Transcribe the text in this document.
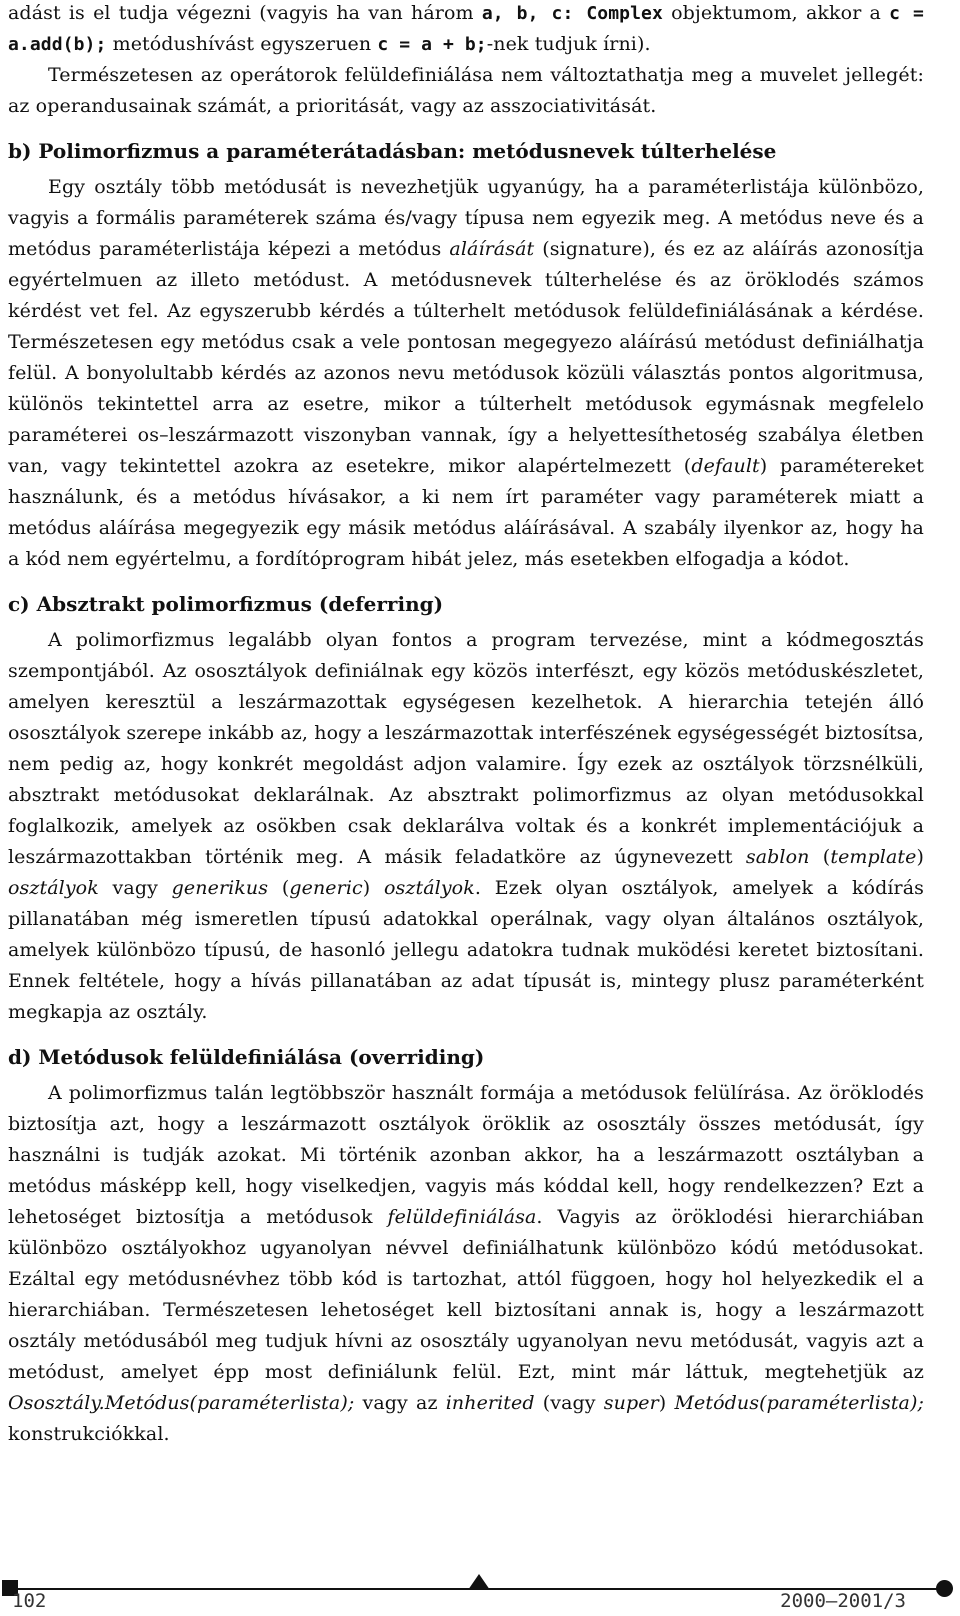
adást is el tudja végezni (vagyis ha van három a, b, c: Complex objektumom, akkor a c = a.add(b); metódushívást egyszeruen c = a + b;-nek tudjuk írni).

Természetesen az operátorok felüldefiniálása nem változtathatja meg a muvelet jellegét: az operandusainak számát, a prioritását, vagy az asszociativitását.

b) Polimorfizmus a paraméterátadásban: metódusnevek túlterhelése

Egy osztály több metódusát is nevezhetjük ugyanúgy, ha a paraméterlistája különbözo, vagyis a formális paraméterek száma és/vagy típusa nem egyezik meg. A metódus neve és a metódus paraméterlistája képezi a metódus aláírását (signature), és ez az aláírás azonosítja egyértelmuen az illeto metódust. A metódusnevek túlterhelése és az öröklodés számos kérdést vet fel. Az egyszerubb kérdés a túlterhelt metódusok felüldefiniálásának a kérdése. Természetesen egy metódus csak a vele pontosan megegyezo aláírású metódust definiálhatja felül. A bonyolultabb kérdés az azonos nevu metódusok közüli választás pontos algoritmusa, különös tekintettel arra az esetre, mikor a túlterhelt metódusok egymásnak megfelelo paraméterei os–leszármazott viszonyban vannak, így a helyettesíthetoség szabálya életben van, vagy tekintettel azokra az esetekre, mikor alapértelmezett (default) paramétereket használunk, és a metódus hívásakor, a ki nem írt paraméter vagy paraméterek miatt a metódus aláírása megegyezik egy másik metódus aláírásával. A szabály ilyenkor az, hogy ha a kód nem egyértelmu, a fordítóprogram hibát jelez, más esetekben elfogadja a kódot.

c) Absztrakt polimorfizmus (deferring)

A polimorfizmus legalább olyan fontos a program tervezése, mint a kódmegosztás szempontjából. Az ososztályok definiálnak egy közös interfészt, egy közös metóduskészletet, amelyen keresztül a leszármazottak egységesen kezelhetok. A hierarchia tetején álló ososztályok szerepe inkább az, hogy a leszármazottak interfészének egységességét biztosítsa, nem pedig az, hogy konkrét megoldást adjon valamire. Így ezek az osztályok törzsnélküli, absztrakt metódusokat deklarálnak. Az absztrakt polimorfizmus az olyan metódusokkal foglalkozik, amelyek az osökben csak deklarálva voltak és a konkrét implementációjuk a leszármazottakban történik meg. A másik feladatköre az úgynevezett sablon (template) osztályok vagy generikus (generic) osztályok. Ezek olyan osztályok, amelyek a kódírás pillanatában még ismeretlen típusú adatokkal operálnak, vagy olyan általános osztályok, amelyek különbözo típusú, de hasonló jellegu adatokra tudnak muködési keretet biztosítani. Ennek feltétele, hogy a hívás pillanatában az adat típusát is, mintegy plusz paraméterként megkapja az osztály.

d) Metódusok felüldefiniálása (overriding)

A polimorfizmus talán legtöbbször használt formája a metódusok felülírása. Az öröklodés biztosítja azt, hogy a leszármazott osztályok öröklik az ososztály összes metódusát, így használni is tudják azokat. Mi történik azonban akkor, ha a leszármazott osztályban a metódus másképp kell, hogy viselkedjen, vagyis más kóddal kell, hogy rendelkezzen? Ezt a lehetoséget biztosítja a metódusok felüldefiniálása. Vagyis az öröklodési hierarchiában különbözo osztályokhoz ugyanolyan névvel definiálhatunk különbözo kódú metódusokat. Ezáltal egy metódusnévhez több kód is tartozhat, attól függoen, hogy hol helyezkedik el a hierarchiában. Természetesen lehetoséget kell biztosítani annak is, hogy a leszármazott osztály metódusából meg tudjuk hívni az ososztály ugyanolyan nevu metódusát, vagyis azt a metódust, amelyet épp most definiálunk felül. Ezt, mint már láttuk, megtehetjük az Ososztály.Metódus(paraméterlista); vagy az inherited (vagy super) Metódus(paraméterlista); konstrukciókkal.

102	2000–2001/3
